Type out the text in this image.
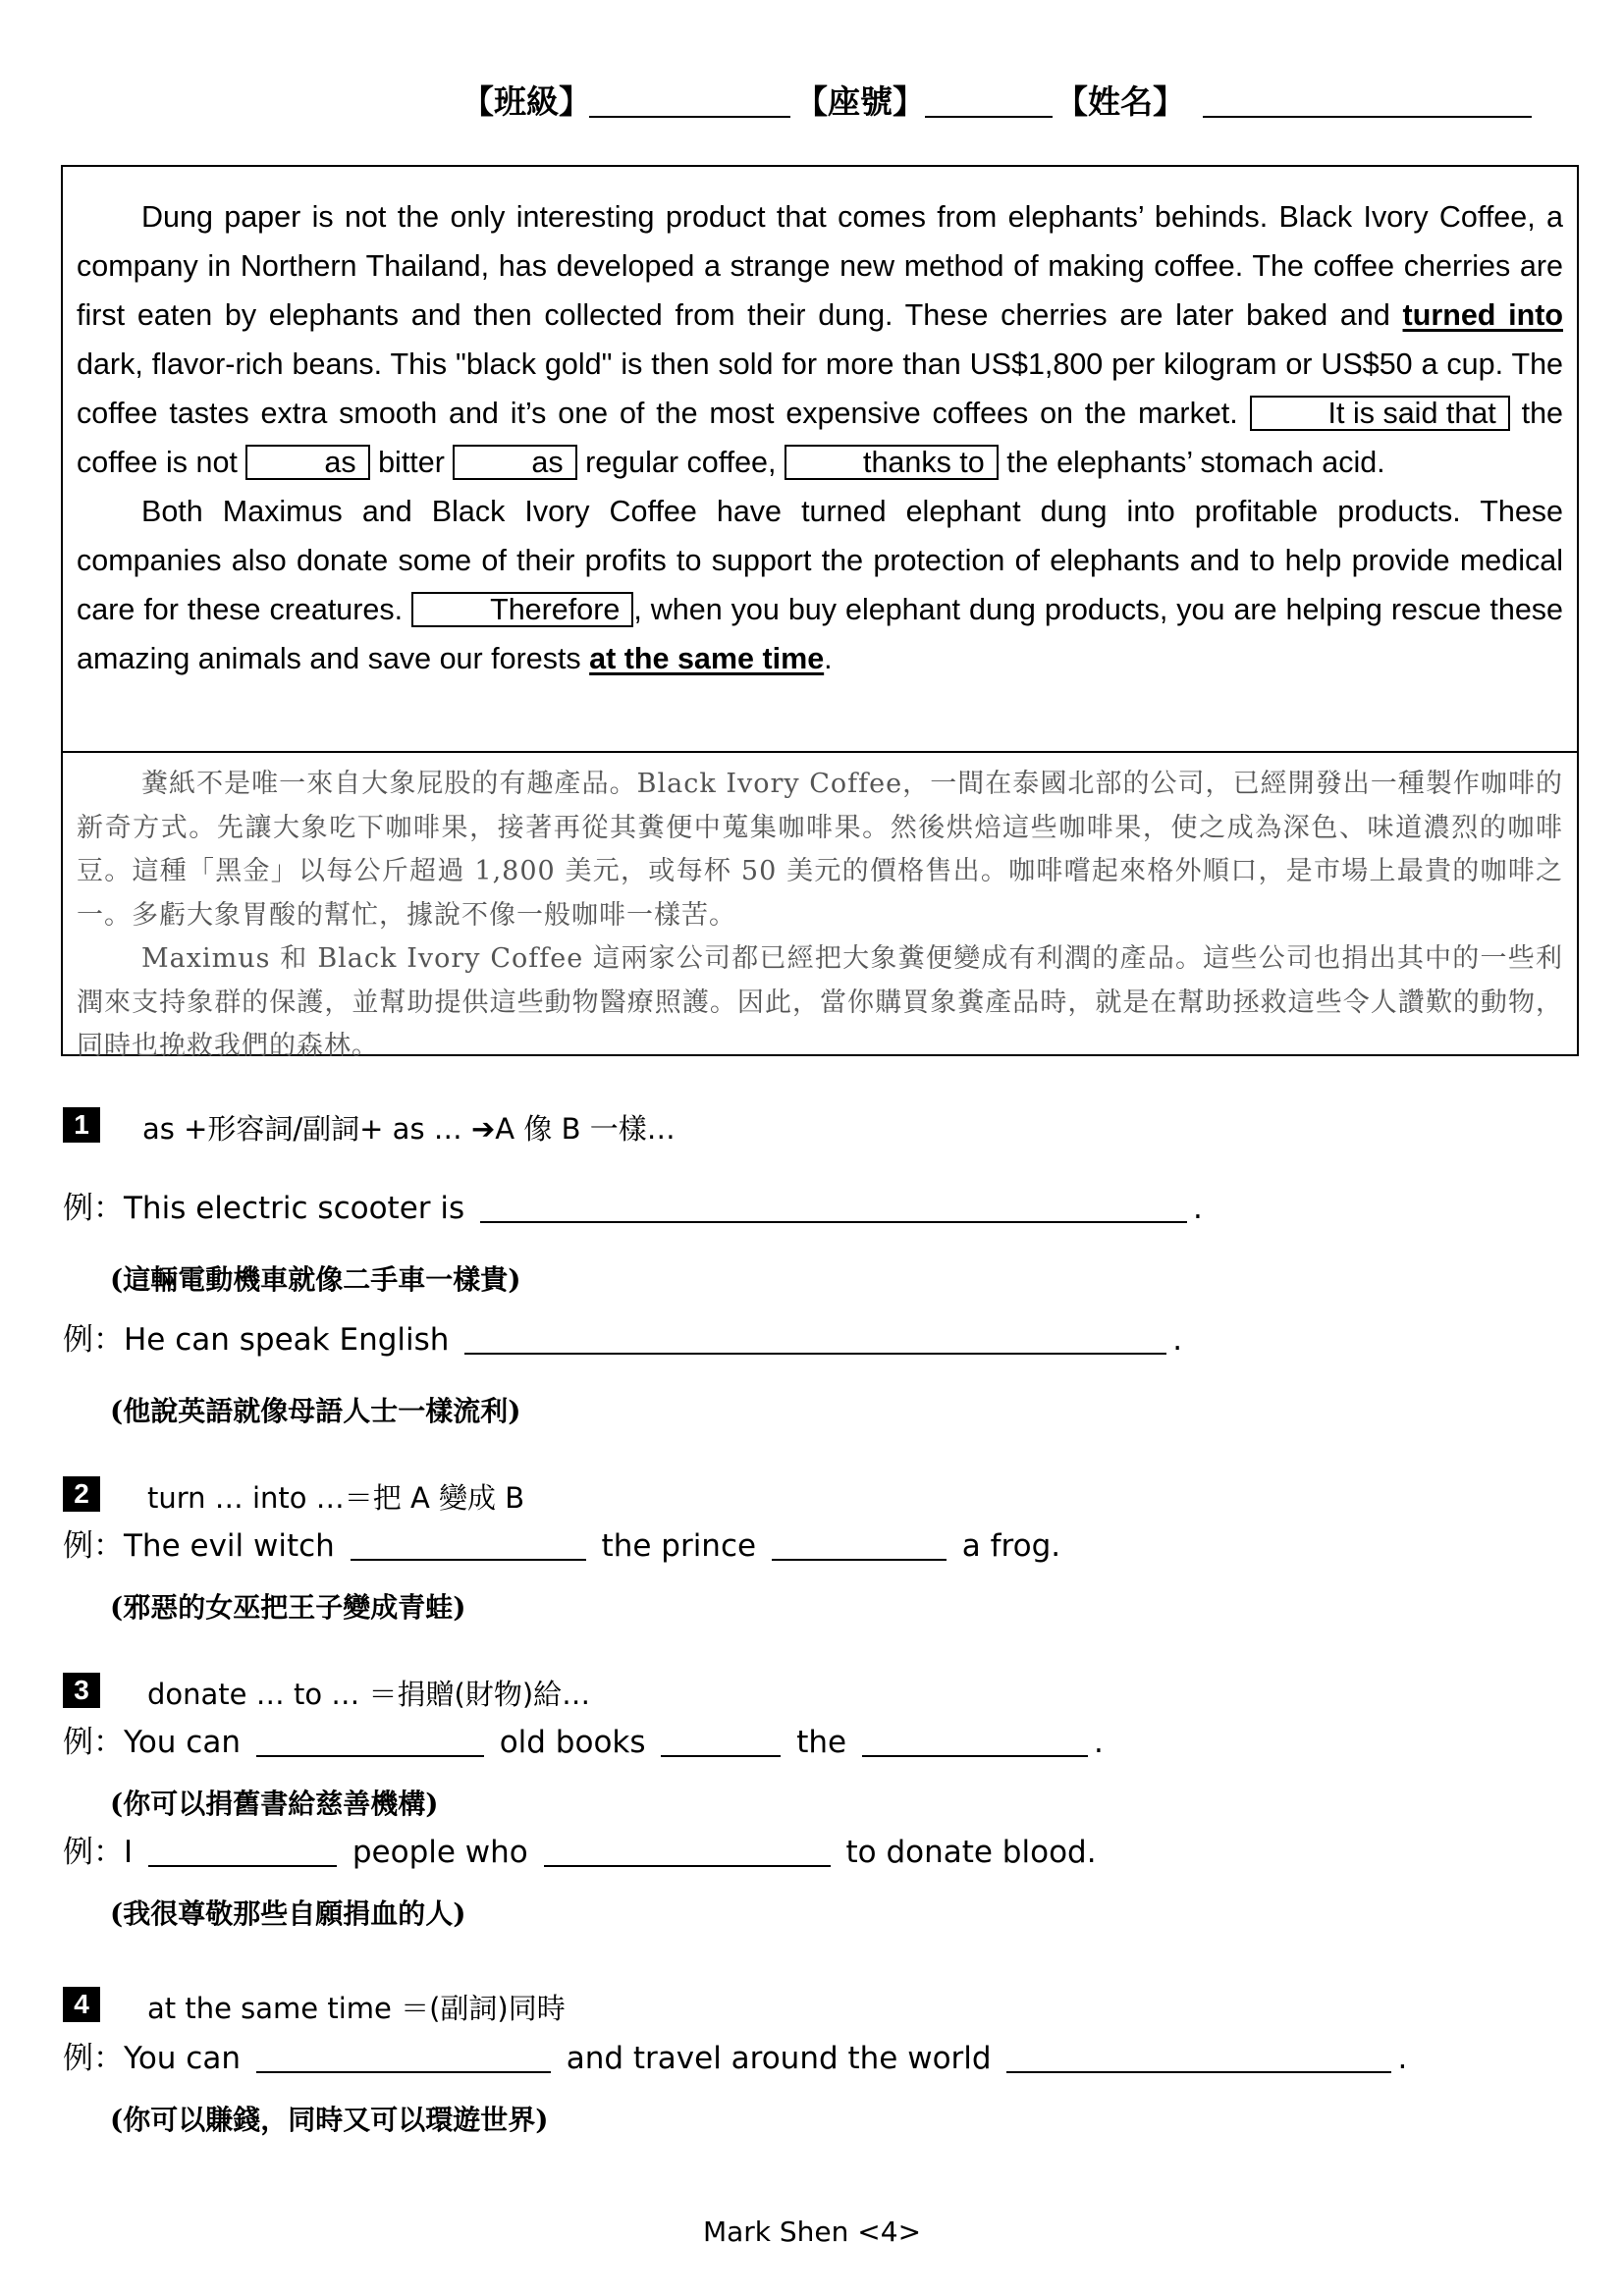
【班級】	【座號】	【姓名】

Dung paper is not the only interesting product that comes from elephants’ behinds. Black Ivory Coffee, a company in Northern Thailand, has developed a strange new method of making coffee. The coffee cherries are first eaten by elephants and then collected from their dung. These cherries are later baked and turned into dark, flavor-rich beans. This "black gold" is then sold for more than US$1,800 per kilogram or US$50 a cup. The coffee tastes extra smooth and it’s one of the most expensive coffees on the market.	It is said that the coffee is not	as bitter	as regular coffee,	thanks to the elephants’ stomach acid.

Both Maximus and Black Ivory Coffee have turned elephant dung into profitable products. These companies also donate some of their profits to support the protection of elephants and to help provide medical care for these creatures.	Therefore , when you buy elephant dung products, you are helping rescue these amazing animals and save our forests at the same time.

糞紙不是唯一來自大象屁股的有趣產品。Black Ivory Coffee，一間在泰國北部的公司，已經開發出一種製作咖啡的新奇方式。先讓大象吃下咖啡果，接著再從其糞便中蒐集咖啡果。然後烘焙這些咖啡果，使之成為深色、味道濃烈的咖啡豆。這種「黑金」以每公斤超過 1,800 美元，或每杯 50 美元的價格售出。咖啡嚐起來格外順口，是市場上最貴的咖啡之一。多虧大象胃酸的幫忙，據說不像一般咖啡一樣苦。

Maximus 和 Black Ivory Coffee 這兩家公司都已經把大象糞便變成有利潤的產品。這些公司也捐出其中的一些利潤來支持象群的保護，並幫助提供這些動物醫療照護。因此，當你購買象糞產品時，就是在幫助拯救這些令人讚歎的動物，同時也挽救我們的森林。

1	as +形容詞/副詞+ as … ➔A 像 B 一樣…
例：This electric scooter is	.
(這輛電動機車就像二手車一樣貴)
例：He can speak English	.
(他說英語就像母語人士一樣流利)
2	turn … into …＝把 A 變成 B
例：The evil witch	the prince	a frog.
(邪惡的女巫把王子變成青蛙)
3	donate … to … ＝捐贈(財物)給…
例：You can	old books	the	.
(你可以捐舊書給慈善機構)
例：I	people who	to donate blood.
(我很尊敬那些自願捐血的人)
4	at the same time ＝(副詞)同時
例：You can	and travel around the world	.
(你可以賺錢，同時又可以環遊世界)
Mark Shen <4>
